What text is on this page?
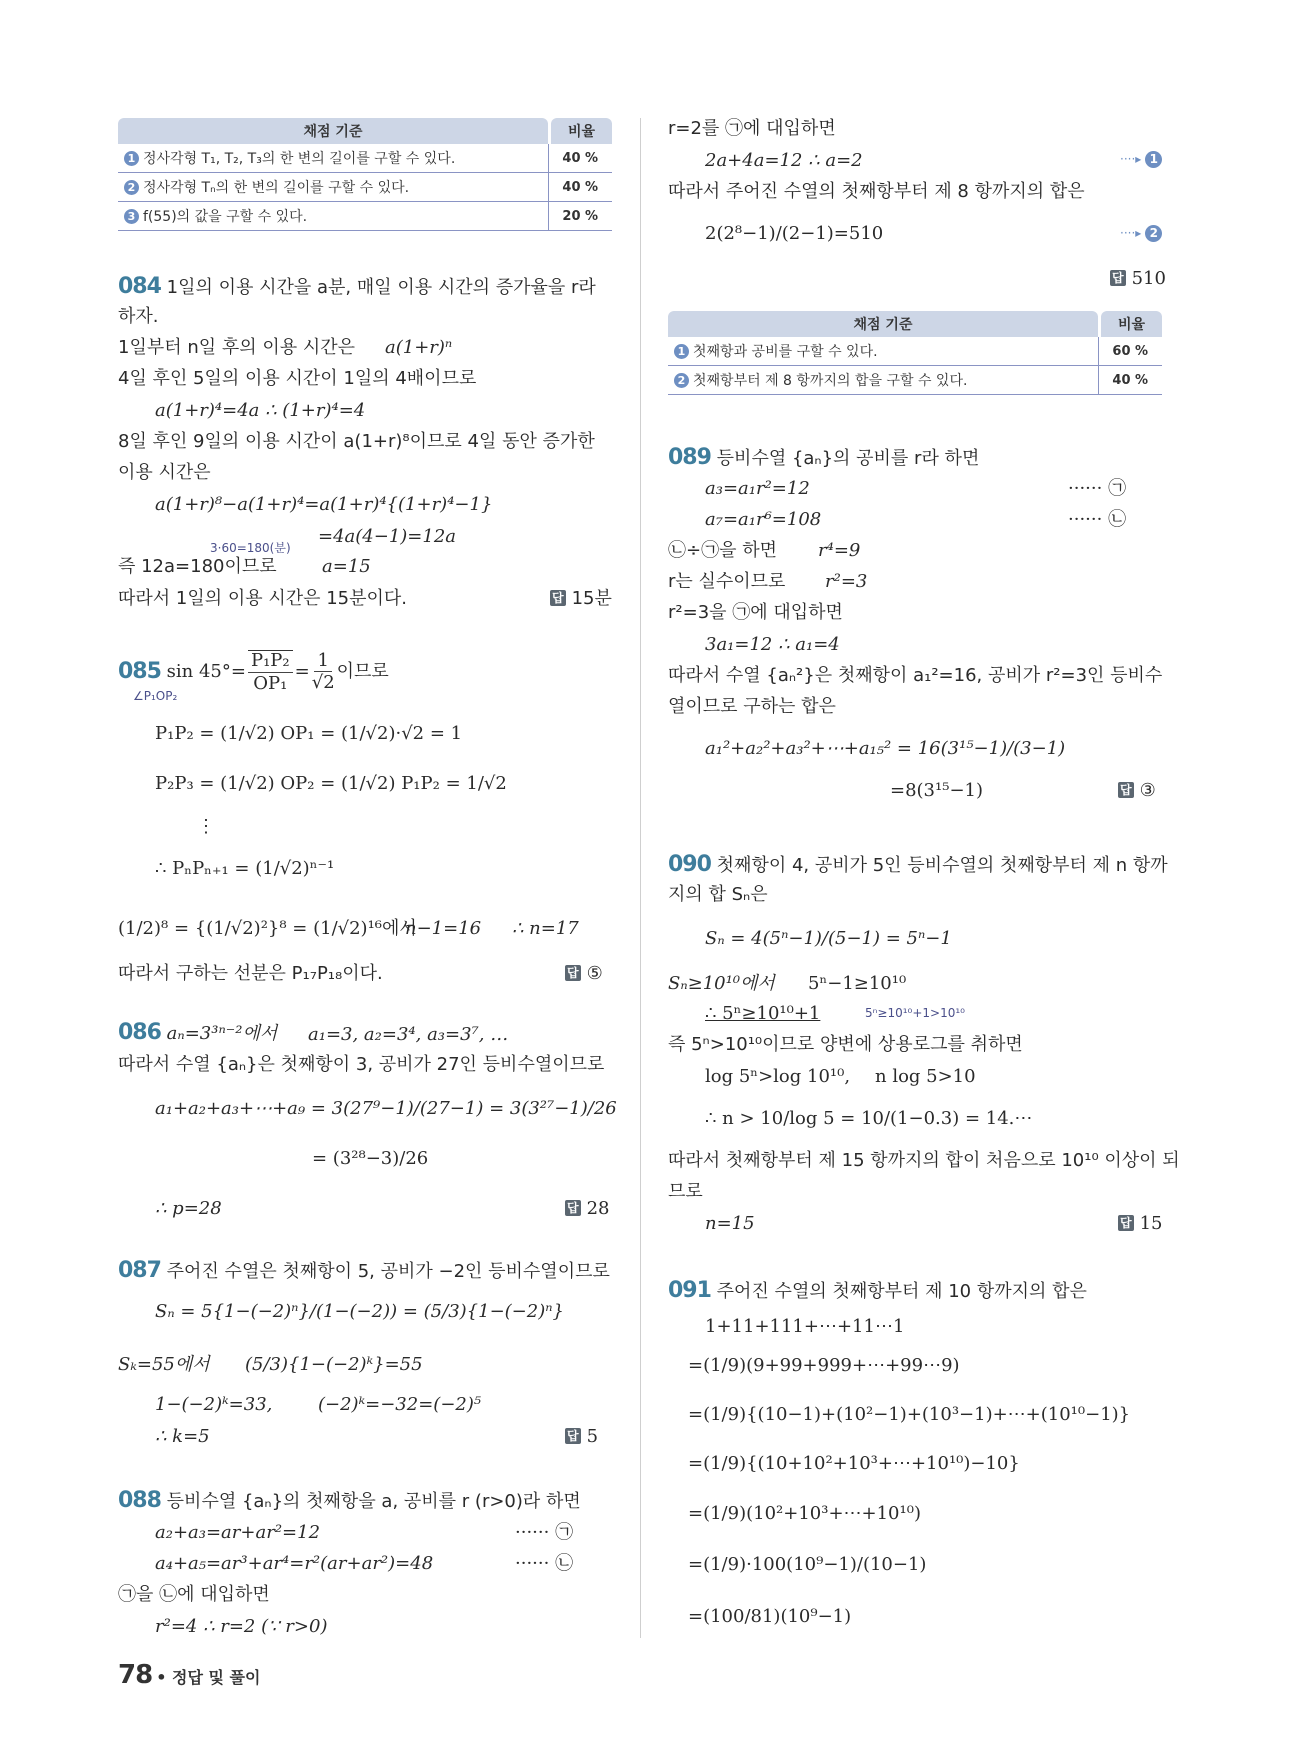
채점 기준	비율
1 정사각형 T₁, T₂, T₃의 한 변의 길이를 구할 수 있다.	40 %
2 정사각형 Tₙ의 한 변의 길이를 구할 수 있다.	40 %
3 f(55)의 값을 구할 수 있다.	20 %
084 1일의 이용 시간을 a분, 매일 이용 시간의 증가율을 r라
하자.
1일부터 n일 후의 이용 시간은 a(1+r)ⁿ
4일 후인 5일의 이용 시간이 1일의 4배이므로
a(1+r)⁴=4a ∴ (1+r)⁴=4
8일 후인 9일의 이용 시간이 a(1+r)⁸이므로 4일 동안 증가한
이용 시간은
a(1+r)⁸−a(1+r)⁴=a(1+r)⁴{(1+r)⁴−1}
=4a(4−1)=12a
3·60=180(분)
즉 12a=180이므로	a=15
따라서 1일의 이용 시간은 15분이다.	답 15분
085
$\sin 45^\circ= \frac{\text{P₁P₂}}{\text{OP₁}} = \frac{1}{√2}$ 이므로
∠P₁OP₂
P₁P₂ = (1/√2) OP₁ = (1/√2)·√2 = 1
P₂P₃ = (1/√2) OP₂ = (1/√2) P₁P₂ = 1/√2
⋮
∴ PₙPₙ₊₁ = (1/√2)ⁿ⁻¹
(1/2)⁸ = {(1/√2)²}⁸ = (1/√2)¹⁶에서
n−1=16 ∴ n=17
따라서 구하는 선분은 P₁₇P₁₈이다.	답 ⑤
086 aₙ=3³ⁿ⁻²에서 a₁=3, a₂=3⁴, a₃=3⁷, …
따라서 수열 {aₙ}은 첫째항이 3, 공비가 27인 등비수열이므로
a₁+a₂+a₃+⋯+a₉ = 3(27⁹−1)/(27−1) = 3(3²⁷−1)/26
= (3²⁸−3)/26
∴ p=28	답 28
087 주어진 수열은 첫째항이 5, 공비가 −2인 등비수열이므로
Sₙ = 5{1−(−2)ⁿ}/(1−(−2)) = (5/3){1−(−2)ⁿ}
Sₖ=55에서 (5/3){1−(−2)ᵏ}=55
1−(−2)ᵏ=33,	(−2)ᵏ=−32=(−2)⁵
∴ k=5	답 5
088 등비수열 {aₙ}의 첫째항을 a, 공비를 r (r>0)라 하면
a₂+a₃=ar+ar²=12	······ ㉠
a₄+a₅=ar³+ar⁴=r²(ar+ar²)=48	······ ㉡
㉠을 ㉡에 대입하면
r²=4 ∴ r=2 (∵ r>0)
78 • 정답 및 풀이
r=2를 ㉠에 대입하면
2a+4a=12 ∴ a=2	····▸ 1
따라서 주어진 수열의 첫째항부터 제 8 항까지의 합은
2(2⁸−1)/(2−1)=510	····▸ 2
답 510
채점 기준	비율
1 첫째항과 공비를 구할 수 있다.	60 %
2 첫째항부터 제 8 항까지의 합을 구할 수 있다.	40 %
089 등비수열 {aₙ}의 공비를 r라 하면
a₃=a₁r²=12	······ ㉠
a₇=a₁r⁶=108	······ ㉡
㉡÷㉠을 하면 r⁴=9
r는 실수이므로 r²=3
r²=3을 ㉠에 대입하면
3a₁=12 ∴ a₁=4
따라서 수열 {aₙ²}은 첫째항이 a₁²=16, 공비가 r²=3인 등비수
열이므로 구하는 합은
a₁²+a₂²+a₃²+⋯+a₁₅² = 16(3¹⁵−1)/(3−1)
=8(3¹⁵−1)	답 ③
090 첫째항이 4, 공비가 5인 등비수열의 첫째항부터 제 n 항까
지의 합 Sₙ은
Sₙ = 4(5ⁿ−1)/(5−1) = 5ⁿ−1
Sₙ≥10¹⁰에서 5ⁿ−1≥10¹⁰
∴ 5ⁿ≥10¹⁰+1	5ⁿ≥10¹⁰+1>10¹⁰
즉 5ⁿ>10¹⁰이므로 양변에 상용로그를 취하면
log 5ⁿ>log 10¹⁰, n log 5>10
∴ n > 10/log 5 = 10/(1−0.3) = 14.⋯
따라서 첫째항부터 제 15 항까지의 합이 처음으로 10¹⁰ 이상이 되
므로
n=15	답 15
091 주어진 수열의 첫째항부터 제 10 항까지의 합은
1+11+111+⋯+11⋯1
=(1/9)(9+99+999+⋯+99⋯9)
=(1/9){(10−1)+(10²−1)+(10³−1)+⋯+(10¹⁰−1)}
=(1/9){(10+10²+10³+⋯+10¹⁰)−10}
=(1/9)(10²+10³+⋯+10¹⁰)
=(1/9)·100(10⁹−1)/(10−1)
=(100/81)(10⁹−1)
